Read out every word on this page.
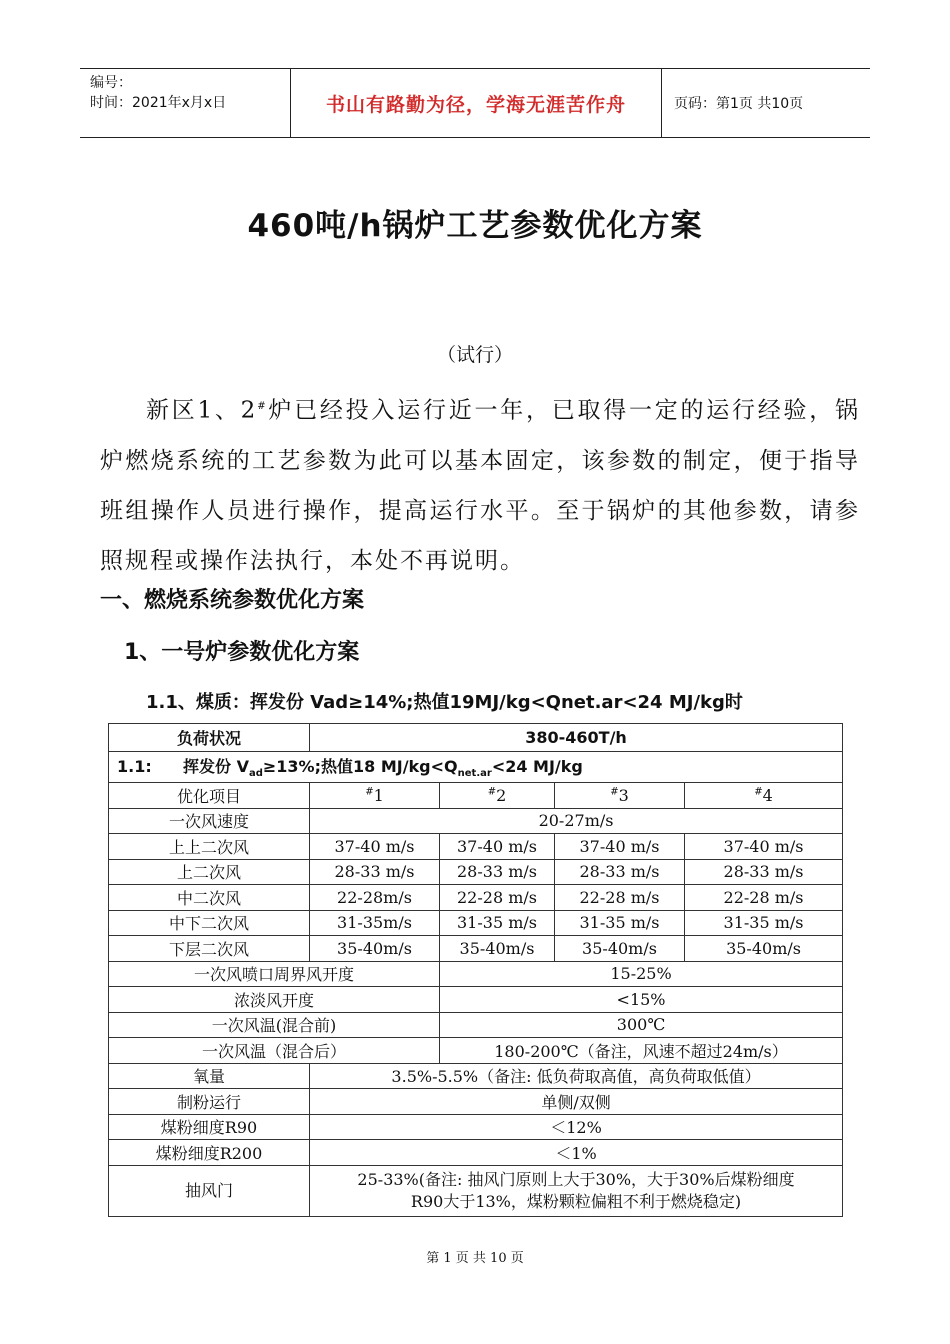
编号：
时间：2021年x月x日	书山有路勤为径，学海无涯苦作舟	页码：第1页 共10页
460吨/h锅炉工艺参数优化方案
（试行）
新区1、2#炉已经投入运行近一年，已取得一定的运行经验，锅炉燃烧系统的工艺参数为此可以基本固定，该参数的制定，便于指导班组操作人员进行操作，提高运行水平。至于锅炉的其他参数，请参照规程或操作法执行，本处不再说明。
一、燃烧系统参数优化方案
1、一号炉参数优化方案
1.1、煤质：挥发份 Vad≥14%;热值19MJ/kg<Qnet.ar<24 MJ/kg时
负荷状况	380-460T/h			
1.1: 挥发份 $V_{ad}\ge 13\%$;热值18 $MJ/kg<Q_{net.ar}<24$ MJ/kg				
优化项目	#1	#2	#3	#4
一次风速度	20-27m/s			
上上二次风	37-40 m/s	37-40 m/s	37-40 m/s	37-40 m/s
上二次风	28-33 m/s	28-33 m/s	28-33 m/s	28-33 m/s
中二次风	22-28m/s	22-28 m/s	22-28 m/s	22-28 m/s
中下二次风	31-35m/s	31-35 m/s	31-35 m/s	31-35 m/s
下层二次风	35-40m/s	35-40m/s	35-40m/s	35-40m/s
一次风喷口周界风开度		15-25%		
浓淡风开度		<15%		
一次风温(混合前)		300℃		
一次风温（混合后）		180-200℃（备注，风速不超过24m/s）		
氧量	3.5%-5.5%（备注: 低负荷取高值，高负荷取低值）			
制粉运行	单侧/双侧			
煤粉细度R90	＜12%			
煤粉细度R200	＜1%			
抽风门	25-33%(备注: 抽风门原则上大于30%，大于30%后煤粉细度
R90大于13%，煤粉颗粒偏粗不利于燃烧稳定)			
第 1 页 共 10 页
